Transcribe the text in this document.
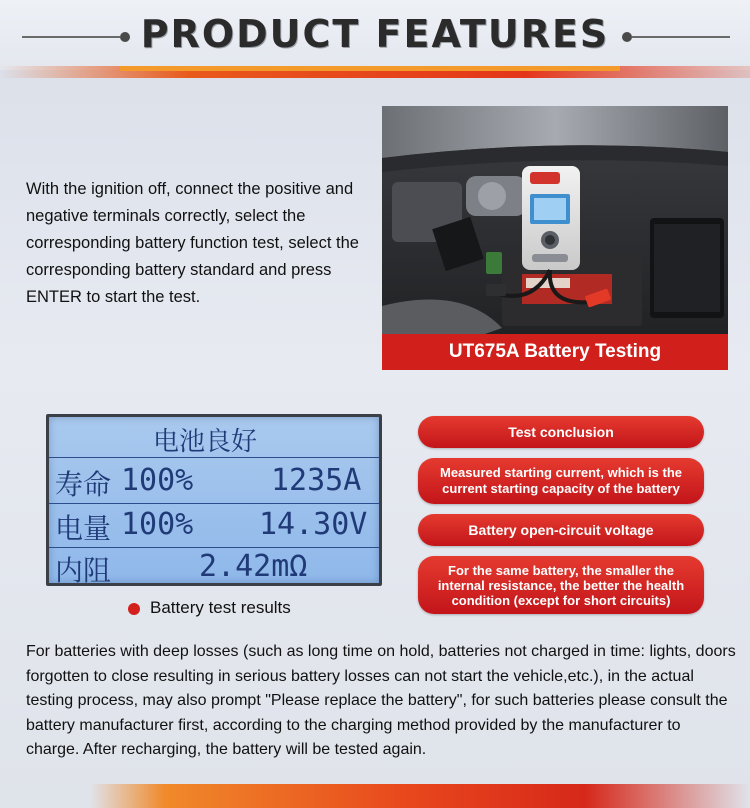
PRODUCT FEATURES

With the ignition off, connect the positive and negative terminals correctly, select the corresponding battery function test, select the corresponding battery standard and press ENTER to start the test.

UT675A Battery Testing
电池良好
寿命 100%	1235A
电量 100% 14.30V
内阻	2.42mΩ
Battery test results
Test conclusion
Measured starting current, which is the current starting capacity of the battery
Battery open-circuit voltage
For the same battery, the smaller the internal resistance, the better the health condition (except for short circuits)

For batteries with deep losses (such as long time on hold, batteries not charged in time: lights, doors forgotten to close resulting in serious battery losses can not start the vehicle,etc.), in the actual testing process, may also prompt "Please replace the battery", for such batteries please consult the battery manufacturer first, according to the charging method provided by the manufacturer to charge. After recharging, the battery will be tested again.
